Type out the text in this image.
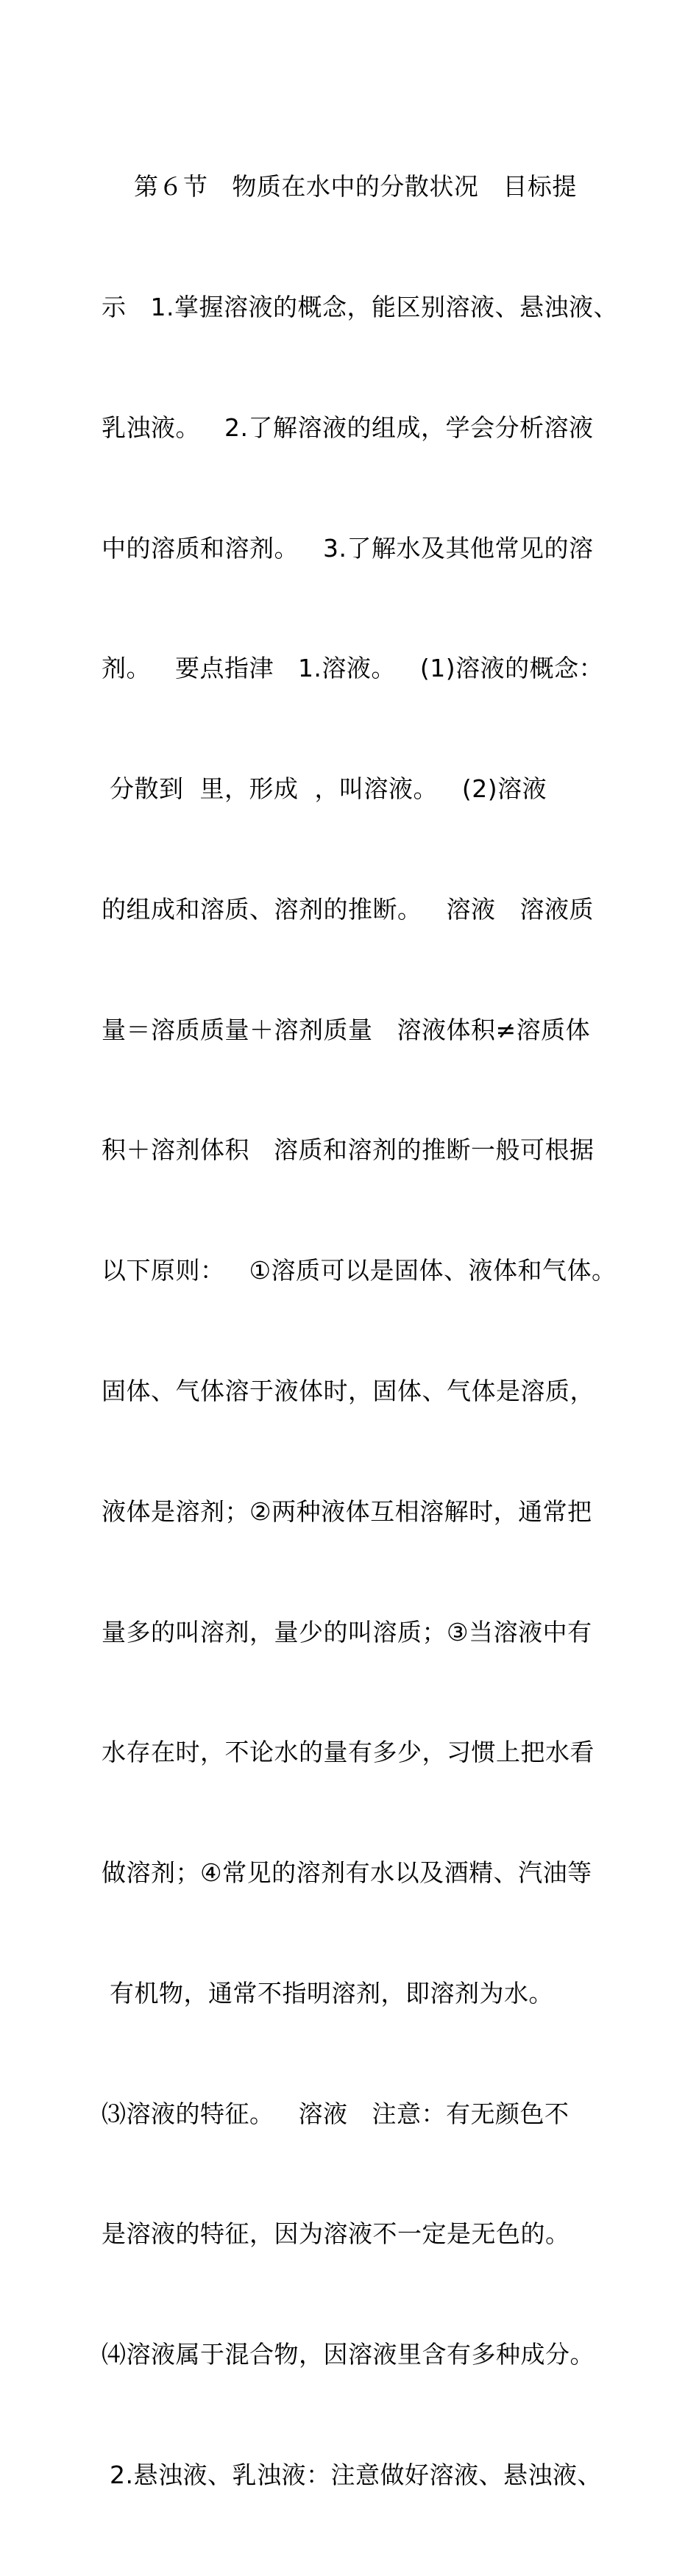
第６节   物质在水中的分散状况   目标提

示   1.掌握溶液的概念，能区别溶液、悬浊液、

乳浊液。   2.了解溶液的组成，学会分析溶液

中的溶质和溶剂。   3.了解水及其他常见的溶

剂。   要点指津   1.溶液。   (1)溶液的概念：

分散到  里，形成  ，叫溶液。   (2)溶液

的组成和溶质、溶剂的推断。   溶液   溶液质

量＝溶质质量＋溶剂质量   溶液体积≠溶质体

积＋溶剂体积   溶质和溶剂的推断一般可根据

以下原则：   ①溶质可以是固体、液体和气体。

固体、气体溶于液体时，固体、气体是溶质，

液体是溶剂；②两种液体互相溶解时，通常把

量多的叫溶剂，量少的叫溶质；③当溶液中有

水存在时，不论水的量有多少，习惯上把水看

做溶剂；④常见的溶剂有水以及酒精、汽油等

有机物，通常不指明溶剂，即溶剂为水。

⑶溶液的特征。   溶液   注意：有无颜色不

是溶液的特征，因为溶液不一定是无色的。

⑷溶液属于混合物，因溶液里含有多种成分。

2.悬浊液、乳浊液：注意做好溶液、悬浊液、
